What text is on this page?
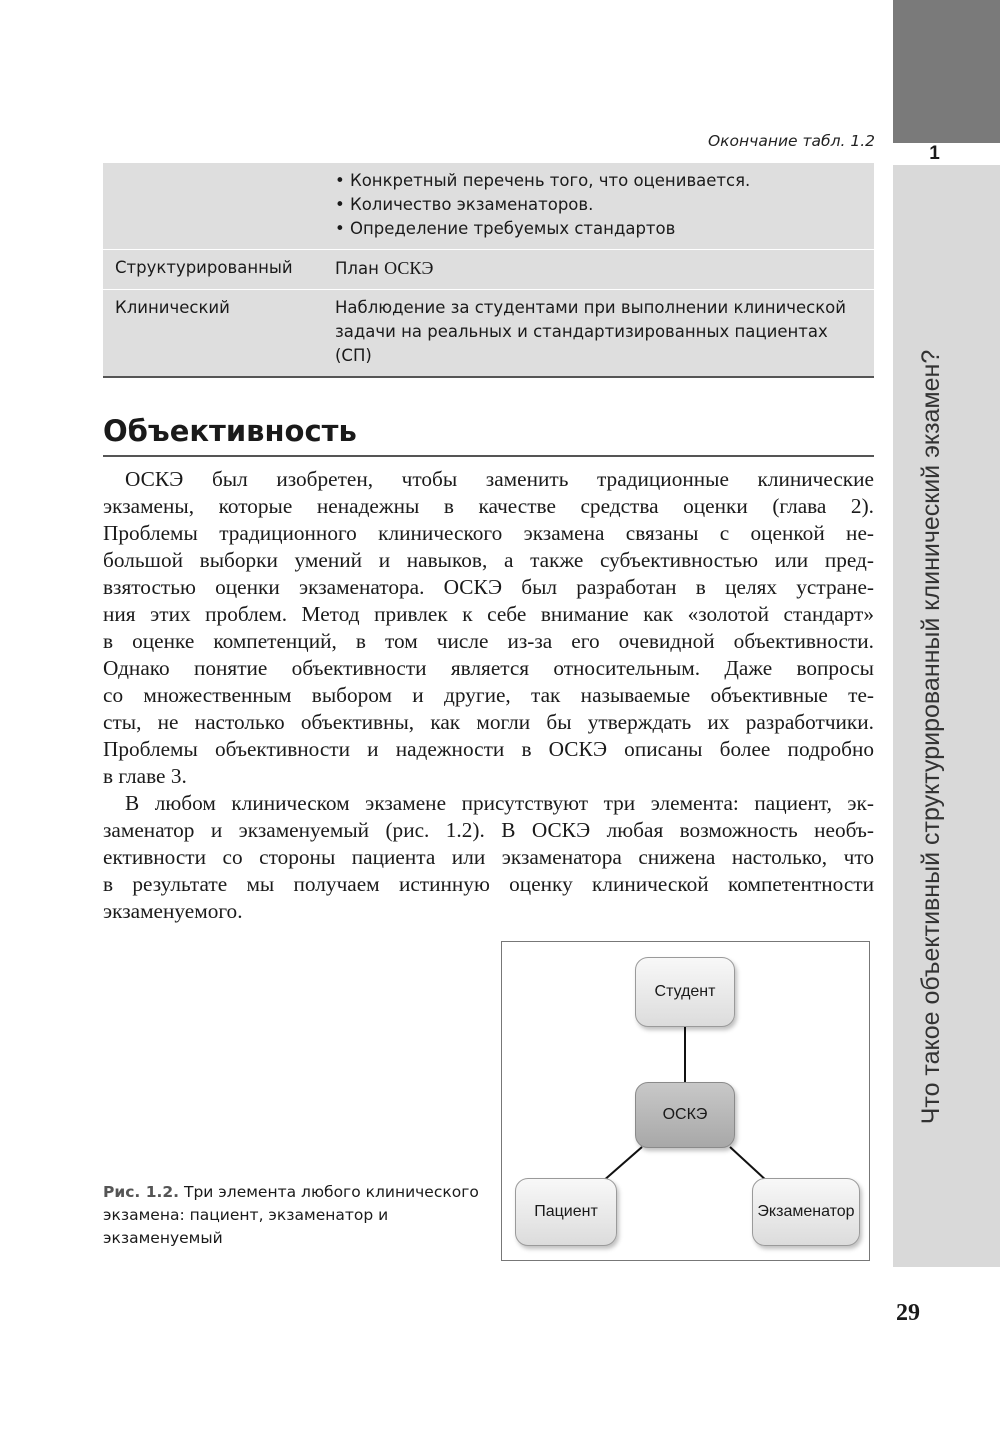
1
Что такое объективный структурированный клинический экзамен?
Окончание табл. 1.2

	• Конкретный перечень того, что оценивается.
• Количество экзаменаторов.
• Определение требуемых стандартов

Структурированный	План ОСКЭ
Клинический	Наблюдение за студентами при выполнении клинической задачи на реальных и стандартизированных пациентах (СП)
Объективность
ОСКЭ был изобретен, чтобы заменить традиционные клинические
экзамены, которые ненадежны в качестве средства оценки (глава 2).
Проблемы традиционного клинического экзамена связаны с оценкой не-
большой выборки умений и навыков, а также субъективностью или пред-
взятостью оценки экзаменатора. ОСКЭ был разработан в целях устране-
ния этих проблем. Метод привлек к себе внимание как «золотой стандарт»
в оценке компетенций, в том числе из-за его очевидной объективности.
Однако понятие объективности является относительным. Даже вопросы
со множественным выбором и другие, так называемые объективные те-
сты, не настолько объективны, как могли бы утверждать их разработчики.
Проблемы объективности и надежности в ОСКЭ описаны более подробно
в главе 3.
В любом клиническом экзамене присутствуют три элемента: пациент, эк-
заменатор и экзаменуемый (рис. 1.2). В ОСКЭ любая возможность необъ-
ективности со стороны пациента или экзаменатора снижена настолько, что
в результате мы получаем истинную оценку клинической компетентности
экзаменуемого.
Рис. 1.2. Три элемента любого клинического экзамена: пациент, экзаменатор и экзаменуемый
Студент
ОСКЭ
Пациент	Экзаменатор
29
